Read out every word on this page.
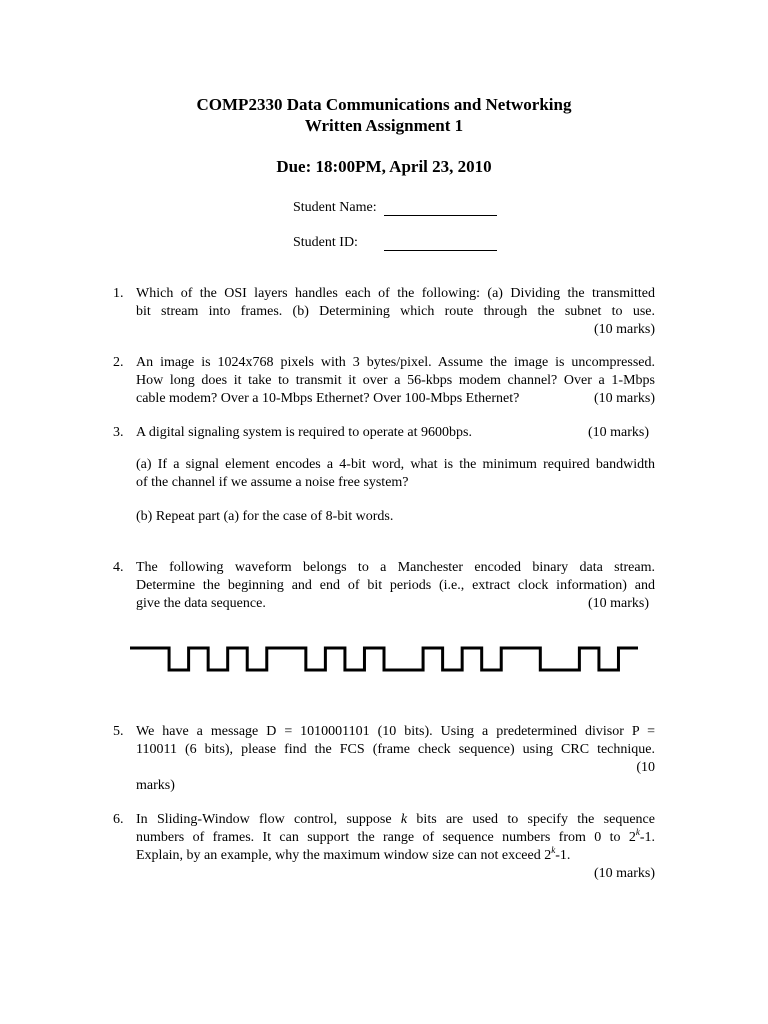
COMP2330 Data Communications and Networking
Written Assignment 1
Due: 18:00PM, April 23, 2010
Student Name:
Student ID:
1. Which of the OSI layers handles each of the following: (a) Dividing the transmitted
bit stream into frames. (b) Determining which route through the subnet to use.
(10 marks)
2. An image is 1024x768 pixels with 3 bytes/pixel. Assume the image is uncompressed.
How long does it take to transmit it over a 56-kbps modem channel? Over a 1-Mbps
cable modem? Over a 10-Mbps Ethernet? Over 100-Mbps Ethernet?	(10 marks)
3. A digital signaling system is required to operate at 9600bps.	(10 marks)
(a) If a signal element encodes a 4-bit word, what is the minimum required bandwidth
of the channel if we assume a noise free system?
(b) Repeat part (a) for the case of 8-bit words.
4. The following waveform belongs to a Manchester encoded binary data stream.
Determine the beginning and end of bit periods (i.e., extract clock information) and
give the data sequence.	(10 marks)
5. We have a message D = 1010001101 (10 bits). Using a predetermined divisor P =
110011 (6 bits), please find the FCS (frame check sequence) using CRC technique.
(10
marks)
6. In Sliding-Window flow control, suppose k bits are used to specify the sequence
numbers of frames. It can support the range of sequence numbers from 0 to 2$^k$-1.
Explain, by an example, why the maximum window size can not exceed 2$^k$-1.
(10 marks)
